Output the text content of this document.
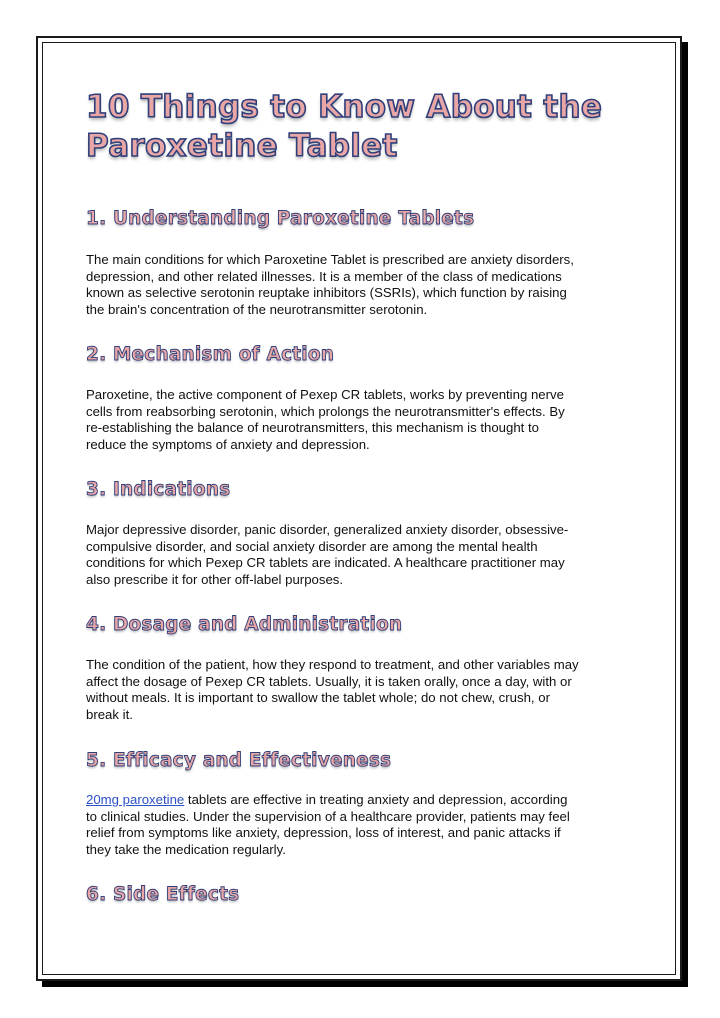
10 Things to Know About the
Paroxetine Tablet
1. Understanding Paroxetine Tablets

The main conditions for which Paroxetine Tablet is prescribed are anxiety disorders,
depression, and other related illnesses. It is a member of the class of medications
known as selective serotonin reuptake inhibitors (SSRIs), which function by raising
the brain's concentration of the neurotransmitter serotonin.

2. Mechanism of Action

Paroxetine, the active component of Pexep CR tablets, works by preventing nerve
cells from reabsorbing serotonin, which prolongs the neurotransmitter's effects. By
re-establishing the balance of neurotransmitters, this mechanism is thought to
reduce the symptoms of anxiety and depression.

3. Indications

Major depressive disorder, panic disorder, generalized anxiety disorder, obsessive-
compulsive disorder, and social anxiety disorder are among the mental health
conditions for which Pexep CR tablets are indicated. A healthcare practitioner may
also prescribe it for other off-label purposes.

4. Dosage and Administration

The condition of the patient, how they respond to treatment, and other variables may
affect the dosage of Pexep CR tablets. Usually, it is taken orally, once a day, with or
without meals. It is important to swallow the tablet whole; do not chew, crush, or
break it.

5. Efficacy and Effectiveness

20mg paroxetine tablets are effective in treating anxiety and depression, according
to clinical studies. Under the supervision of a healthcare provider, patients may feel
relief from symptoms like anxiety, depression, loss of interest, and panic attacks if
they take the medication regularly.

6. Side Effects
